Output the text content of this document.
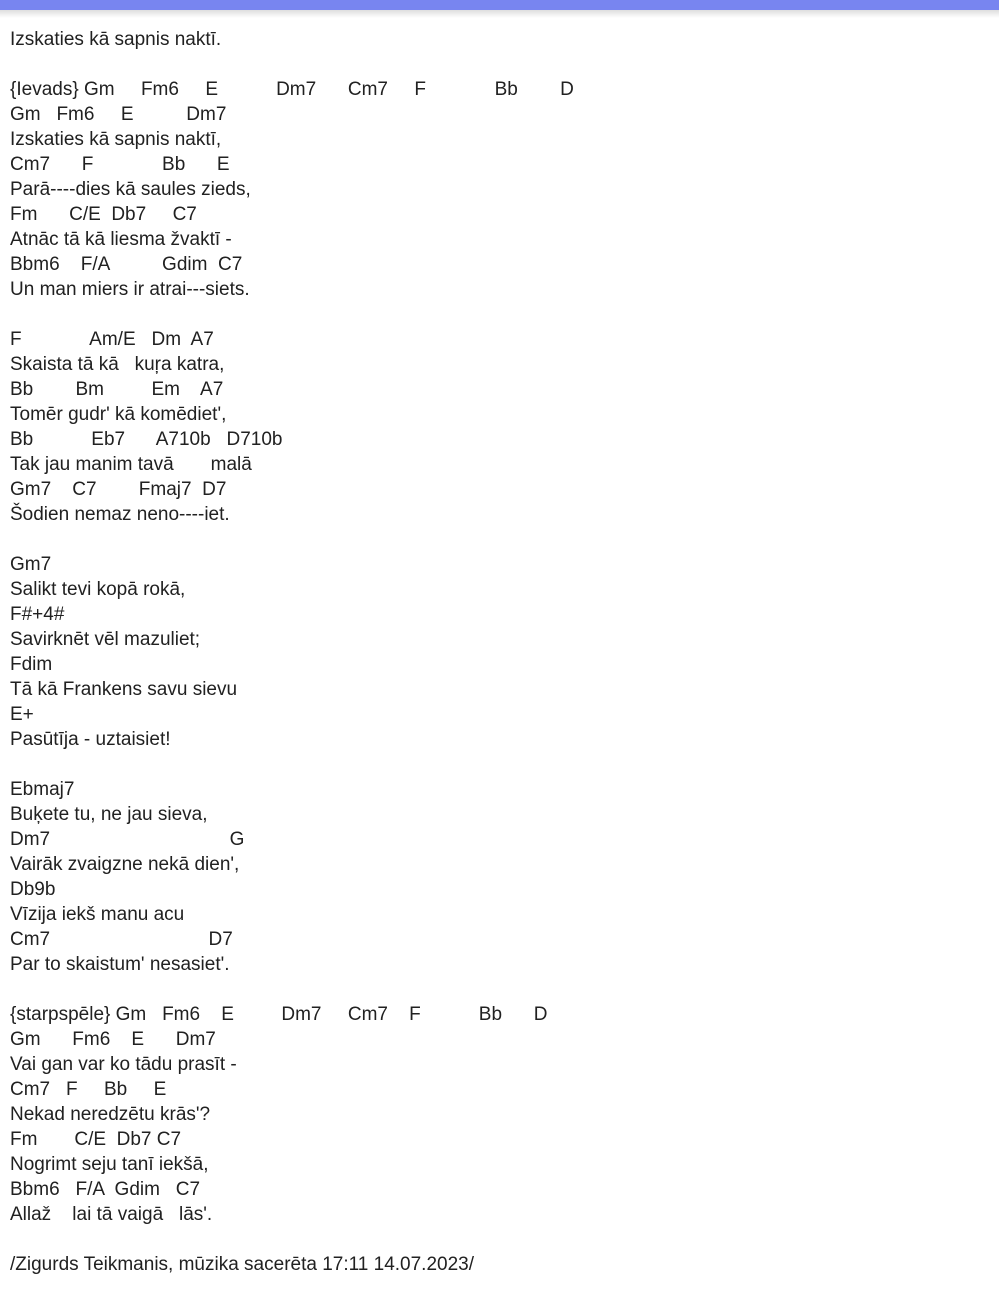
Izskaties kā sapnis naktī.
{Ievads} Gm     Fm6     E           Dm7      Cm7     F             Bb        D
Gm   Fm6     E          Dm7
Izskaties kā sapnis naktī,
Cm7      F             Bb      E
Parā----dies kā saules zieds,
Fm      C/E  Db7     C7
Atnāc tā kā liesma žvaktī -
Bbm6    F/A          Gdim  C7
Un man miers ir atrai---siets.
F             Am/E   Dm  A7
Skaista tā kā   kuŗa katra,
Bb        Bm         Em    A7
Tomēr gudr' kā komēdiet',
Bb           Eb7      A710b   D710b
Tak jau manim tavā       malā
Gm7    C7        Fmaj7  D7
Šodien nemaz neno----iet.
Gm7
Salikt tevi kopā rokā,
F#+4#
Savirknēt vēl mazuliet;
Fdim
Tā kā Frankens savu sievu
E+
Pasūtīja - uztaisiet!
Ebmaj7
Buķete tu, ne jau sieva,
Dm7                                  G
Vairāk zvaigzne nekā dien',
Db9b
Vīzija iekš manu acu
Cm7                              D7
Par to skaistum' nesasiet'.
{starpspēle} Gm   Fm6    E         Dm7     Cm7    F           Bb      D
Gm      Fm6    E      Dm7
Vai gan var ko tādu prasīt -
Cm7   F     Bb     E
Nekad neredzētu krās'?
Fm       C/E  Db7 C7
Nogrimt seju tanī iekšā,
Bbm6   F/A  Gdim   C7
Allaž    lai tā vaigā   lās'.
/Zigurds Teikmanis, mūzika sacerēta 17:11 14.07.2023/
